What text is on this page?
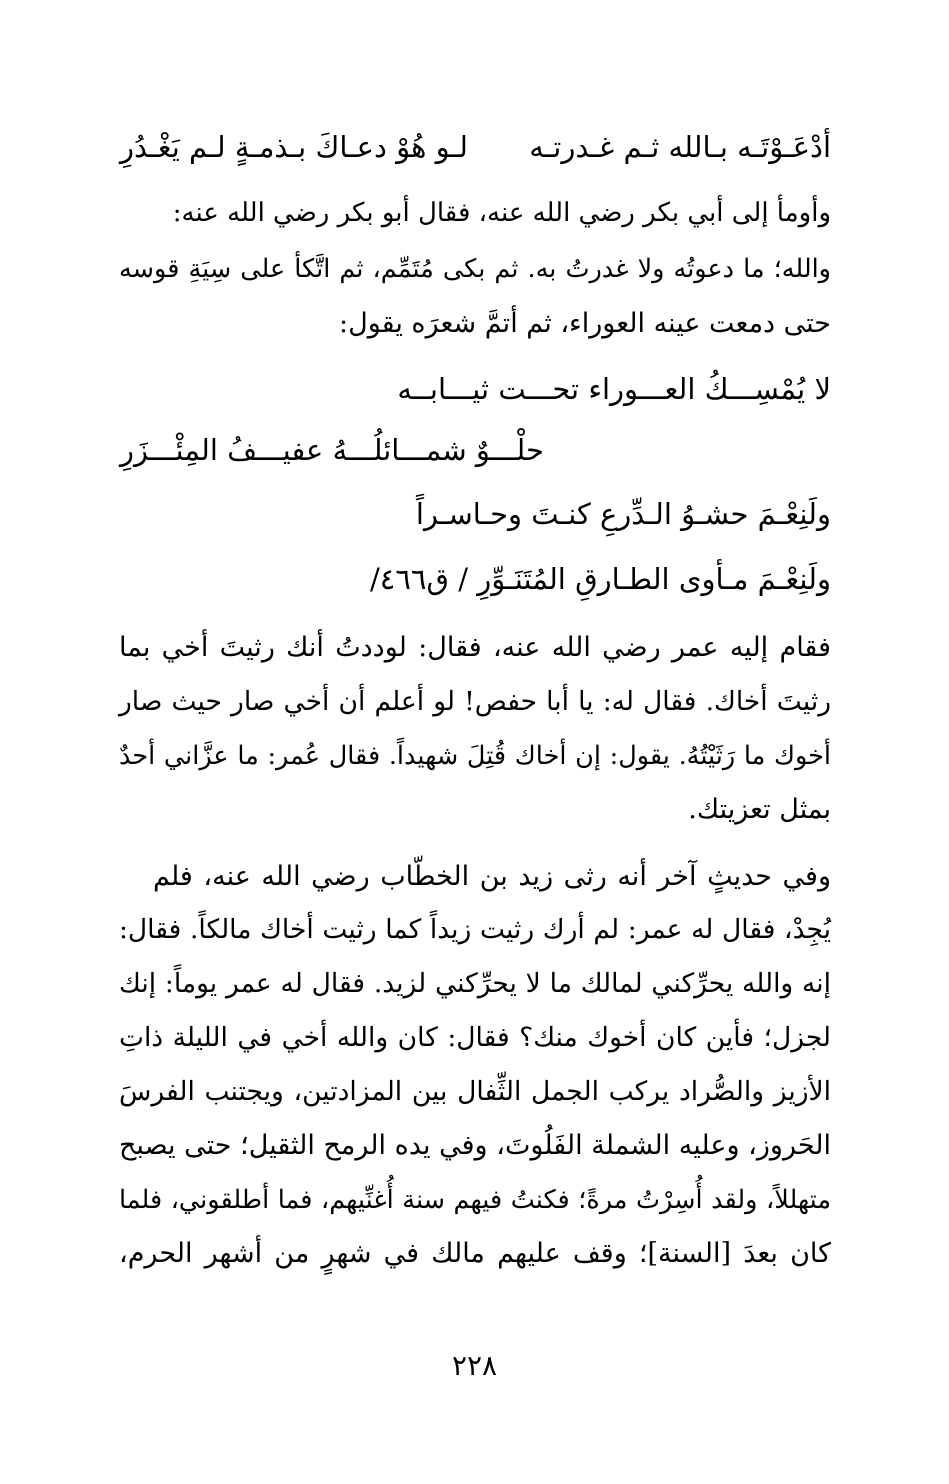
أدْعَـوْتَـه بـالله ثـم غـدرتـه
لـو هُوْ دعـاكَ بـذمـةٍ لـم يَغْـدُرِ
وأومأ إلى أبي بكر رضي الله عنه، فقال أبو بكر رضي الله عنه:
والله؛ ما دعوتُه ولا غدرتُ به. ثم بكى مُتَمِّم، ثم اتَّكأ على سِيَةِ قوسه
حتى دمعت عينه العوراء، ثم أتمَّ شعرَه يقول:
لا يُمْسِـــكُ العـــوراء تحـــت ثيـــابــه
حلْـــوٌ شمـــائلُـــهُ عفيـــفُ المِئْـــزَرِ
ولَنِعْـمَ حشـوُ الـدِّرعِ كنـتَ وحـاسـراً
ولَنِعْـمَ مـأوى الطـارقِ المُتَنَـوِّرِ / ق٤٦٦/
فقام إليه عمر رضي الله عنه، فقال: لوددتُ أنك رثيتَ أخي بما
رثيتَ أخاك. فقال له: يا أبا حفص! لو أعلم أن أخي صار حيث صار
أخوك ما رَثَيْتُهُ. يقول: إن أخاك قُتِلَ شهيداً. فقال عُمر: ما عزَّاني أحدٌ
بمثل تعزيتك.
وفي حديثٍ آخر أنه رثى زيد بن الخطّاب رضي الله عنه، فلم
يُجِدْ، فقال له عمر: لم أرك رثيت زيداً كما رثيت أخاك مالكاً. فقال:
إنه والله يحرِّكني لمالك ما لا يحرِّكني لزيد. فقال له عمر يوماً: إنك
لجزل؛ فأين كان أخوك منك؟ فقال: كان والله أخي في الليلة ذاتِ
الأزيز والصُّراد يركب الجمل الثِّفال بين المزادتين، ويجتنب الفرسَ
الحَروز، وعليه الشملة الفَلُوتَ، وفي يده الرمح الثقيل؛ حتى يصبح
متهللاً، ولقد أُسِرْتُ مرةً؛ فكنتُ فيهم سنة أُغنِّيهم، فما أطلقوني، فلما
كان بعدَ [السنة]؛ وقف عليهم مالك في شهرٍ من أشهر الحرم،
٢٢٨
